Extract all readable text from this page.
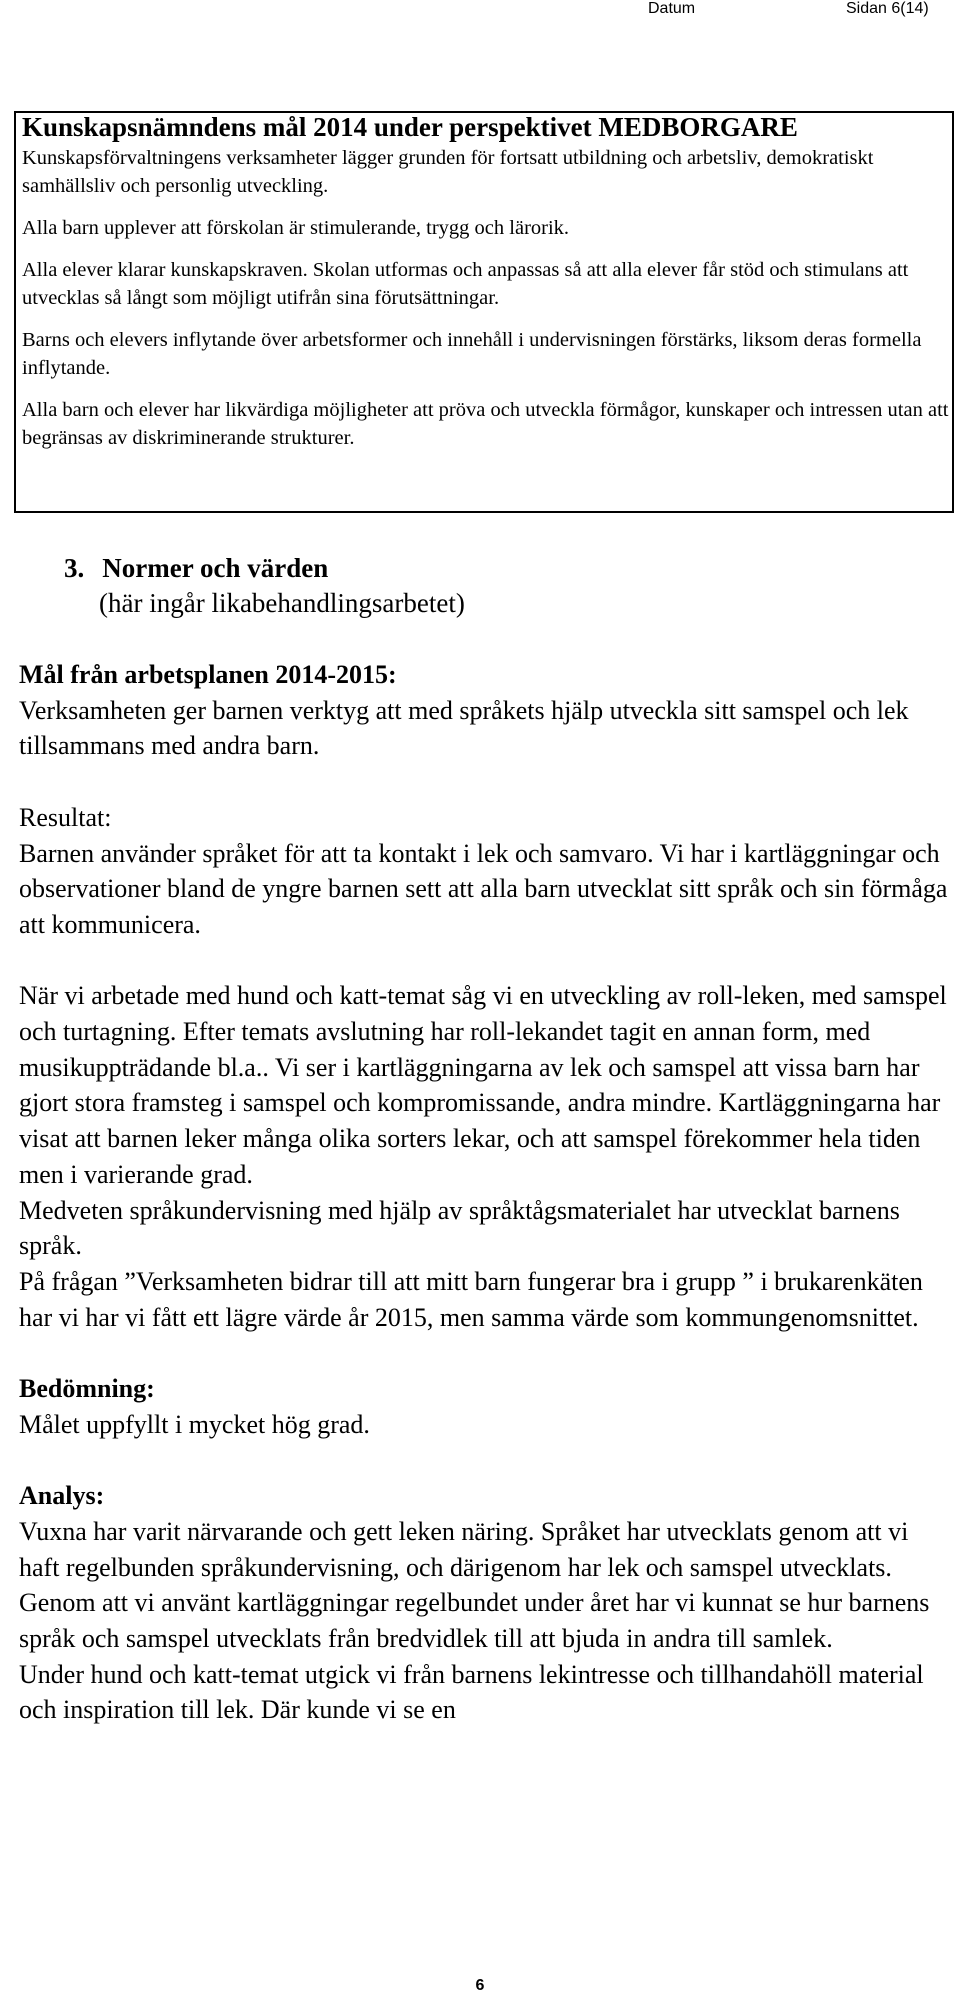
Datum	Sidan 6(14)
Kunskapsnämndens mål 2014 under perspektivet MEDBORGARE

Kunskapsförvaltningens verksamheter lägger grunden för fortsatt utbildning och arbetsliv, demokratiskt samhällsliv och personlig utveckling.

Alla barn upplever att förskolan är stimulerande, trygg och lärorik.

Alla elever klarar kunskapskraven. Skolan utformas och anpassas så att alla elever får stöd och stimulans att utvecklas så långt som möjligt utifrån sina förutsättningar.

Barns och elevers inflytande över arbetsformer och innehåll i undervisningen förstärks, liksom deras formella inflytande.

Alla barn och elever har likvärdiga möjligheter att pröva och utveckla förmågor, kunskaper och intressen utan att begränsas av diskriminerande strukturer.

3. Normer och värden
(här ingår likabehandlingsarbetet)

Mål från arbetsplanen 2014-2015:

Verksamheten ger barnen verktyg att med språkets hjälp utveckla sitt samspel och lek tillsammans med andra barn.

Resultat:

Barnen använder språket för att ta kontakt i lek och samvaro. Vi har i kartläggningar och observationer bland de yngre barnen sett att alla barn utvecklat sitt språk och sin förmåga att kommunicera.

När vi arbetade med hund och katt-temat såg vi en utveckling av roll-leken, med samspel och turtagning. Efter temats avslutning har roll-lekandet tagit en annan form, med musikuppträdande bl.a.. Vi ser i kartläggningarna av lek och samspel att vissa barn har gjort stora framsteg i samspel och kompromissande, andra mindre. Kartläggningarna har visat att barnen leker många olika sorters lekar, och att samspel förekommer hela tiden men i varierande grad.

Medveten språkundervisning med hjälp av språktågsmaterialet har utvecklat barnens språk.

På frågan ”Verksamheten bidrar till att mitt barn fungerar bra i grupp ” i brukarenkäten har vi har vi fått ett lägre värde år 2015, men samma värde som kommungenomsnittet.

Bedömning:

Målet uppfyllt i mycket hög grad.

Analys:

Vuxna har varit närvarande och gett leken näring. Språket har utvecklats genom att vi haft regelbunden språkundervisning, och därigenom har lek och samspel utvecklats. Genom att vi använt kartläggningar regelbundet under året har vi kunnat se hur barnens språk och samspel utvecklats från bredvidlek till att bjuda in andra till samlek.

Under hund och katt-temat utgick vi från barnens lekintresse och tillhandahöll material och inspiration till lek. Där kunde vi se en

6
